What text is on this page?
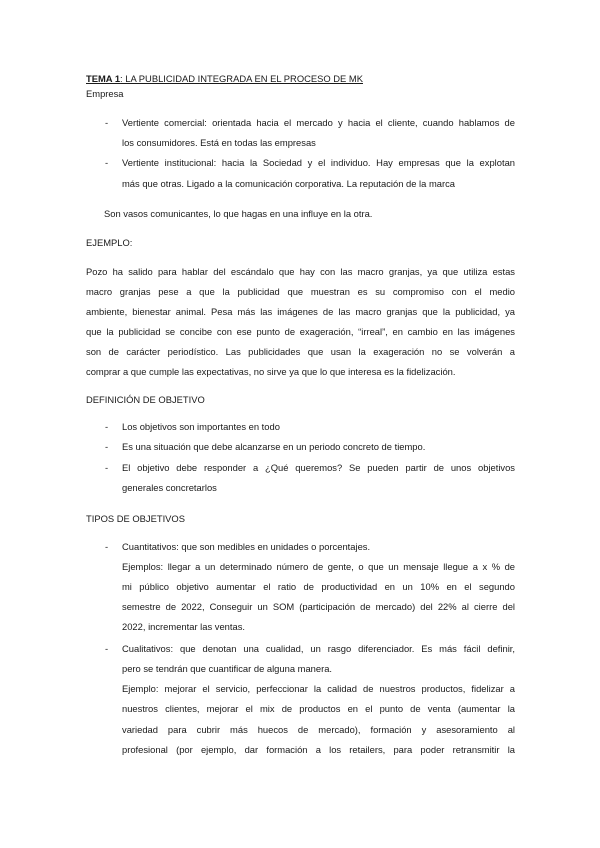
TEMA 1: LA PUBLICIDAD INTEGRADA EN EL PROCESO DE MK
Empresa
- Vertiente comercial: orientada hacia el mercado y hacia el cliente, cuando hablamos de
los consumidores. Está en todas las empresas
- Vertiente institucional: hacia la Sociedad y el individuo. Hay empresas que la explotan
más que otras. Ligado a la comunicación corporativa. La reputación de la marca
Son vasos comunicantes, lo que hagas en una influye en la otra.
EJEMPLO:
Pozo ha salido para hablar del escándalo que hay con las macro granjas, ya que utiliza estas
macro granjas pese a que la publicidad que muestran es su compromiso con el medio
ambiente, bienestar animal. Pesa más las imágenes de las macro granjas que la publicidad, ya
que la publicidad se concibe con ese punto de exageración, “irreal”, en cambio en las imágenes
son de carácter periodístico. Las publicidades que usan la exageración no se volverán a
comprar a que cumple las expectativas, no sirve ya que lo que interesa es la fidelización.
DEFINICIÓN DE OBJETIVO
- Los objetivos son importantes en todo
- Es una situación que debe alcanzarse en un periodo concreto de tiempo.
- El objetivo debe responder a ¿Qué queremos? Se pueden partir de unos objetivos
generales concretarlos
TIPOS DE OBJETIVOS
- Cuantitativos: que son medibles en unidades o porcentajes.
Ejemplos: llegar a un determinado número de gente, o que un mensaje llegue a x % de
mi público objetivo aumentar el ratio de productividad en un 10% en el segundo
semestre de 2022, Conseguir un SOM (participación de mercado) del 22% al cierre del
2022, incrementar las ventas.
- Cualitativos: que denotan una cualidad, un rasgo diferenciador. Es más fácil definir,
pero se tendrán que cuantificar de alguna manera.
Ejemplo: mejorar el servicio, perfeccionar la calidad de nuestros productos, fidelizar a
nuestros clientes, mejorar el mix de productos en el punto de venta (aumentar la
variedad para cubrir más huecos de mercado), formación y asesoramiento al
profesional (por ejemplo, dar formación a los retailers, para poder retransmitir la
